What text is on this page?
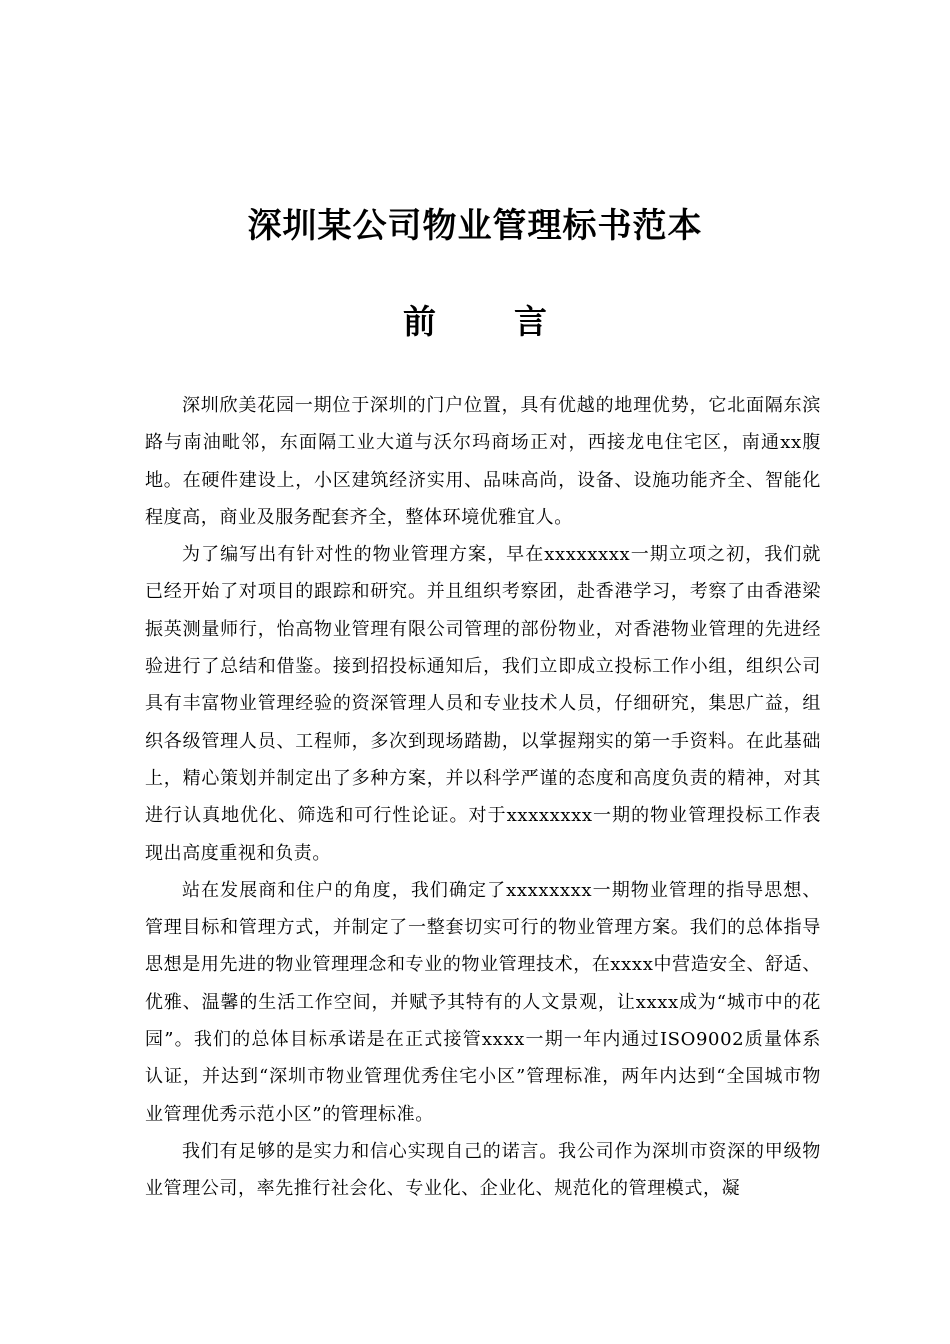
深圳某公司物业管理标书范本
前言

深圳欣美花园一期位于深圳的门户位置，具有优越的地理优势，它北面隔东滨路与南油毗邻，东面隔工业大道与沃尔玛商场正对，西接龙电住宅区，南通xx腹地。在硬件建设上，小区建筑经济实用、品味高尚，设备、设施功能齐全、智能化程度高，商业及服务配套齐全，整体环境优雅宜人。

为了编写出有针对性的物业管理方案，早在xxxxxxxx一期立项之初，我们就已经开始了对项目的跟踪和研究。并且组织考察团，赴香港学习，考察了由香港梁振英测量师行，怡高物业管理有限公司管理的部份物业，对香港物业管理的先进经验进行了总结和借鉴。接到招投标通知后，我们立即成立投标工作小组，组织公司具有丰富物业管理经验的资深管理人员和专业技术人员，仔细研究，集思广益，组织各级管理人员、工程师，多次到现场踏勘，以掌握翔实的第一手资料。在此基础上，精心策划并制定出了多种方案，并以科学严谨的态度和高度负责的精神，对其进行认真地优化、筛选和可行性论证。对于xxxxxxxx一期的物业管理投标工作表现出高度重视和负责。

站在发展商和住户的角度，我们确定了xxxxxxxx一期物业管理的指导思想、管理目标和管理方式，并制定了一整套切实可行的物业管理方案。我们的总体指导思想是用先进的物业管理理念和专业的物业管理技术，在xxxx中营造安全、舒适、优雅、温馨的生活工作空间，并赋予其特有的人文景观，让xxxx成为“城市中的花园”。我们的总体目标承诺是在正式接管xxxx一期一年内通过ISO9002质量体系认证，并达到“深圳市物业管理优秀住宅小区”管理标准，两年内达到“全国城市物业管理优秀示范小区”的管理标准。

我们有足够的是实力和信心实现自己的诺言。我公司作为深圳市资深的甲级物业管理公司，率先推行社会化、专业化、企业化、规范化的管理模式，凝
